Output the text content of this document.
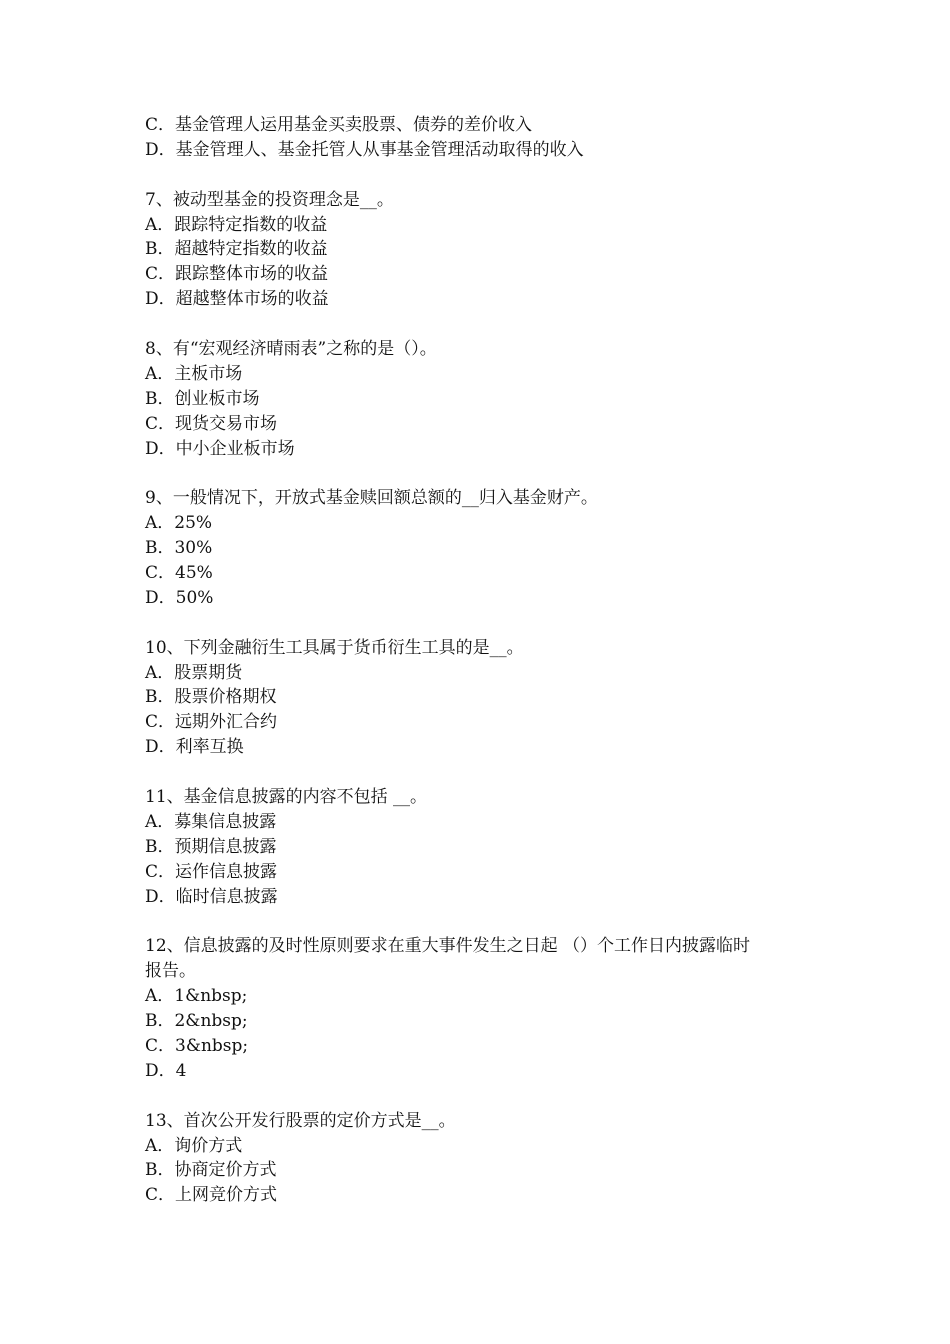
C．基金管理人运用基金买卖股票、债券的差价收入

D．基金管理人、基金托管人从事基金管理活动取得的收入

7、被动型基金的投资理念是__。

A．跟踪特定指数的收益

B．超越特定指数的收益

C．跟踪整体市场的收益

D．超越整体市场的收益

8、有“宏观经济晴雨表”之称的是（）。

A．主板市场

B．创业板市场

C．现货交易市场

D．中小企业板市场

9、一般情况下，开放式基金赎回额总额的__归入基金财产。

A．25%

B．30%

C．45%

D．50%

10、下列金融衍生工具属于货币衍生工具的是__。

A．股票期货

B．股票价格期权

C．远期外汇合约

D．利率互换

11、基金信息披露的内容不包括 __。

A．募集信息披露

B．预期信息披露

C．运作信息披露

D．临时信息披露

12、信息披露的及时性原则要求在重大事件发生之日起 （）个工作日内披露临时

报告。

A．1&nbsp;

B．2&nbsp;

C．3&nbsp;

D．4

13、首次公开发行股票的定价方式是__。

A．询价方式

B．协商定价方式

C．上网竞价方式
